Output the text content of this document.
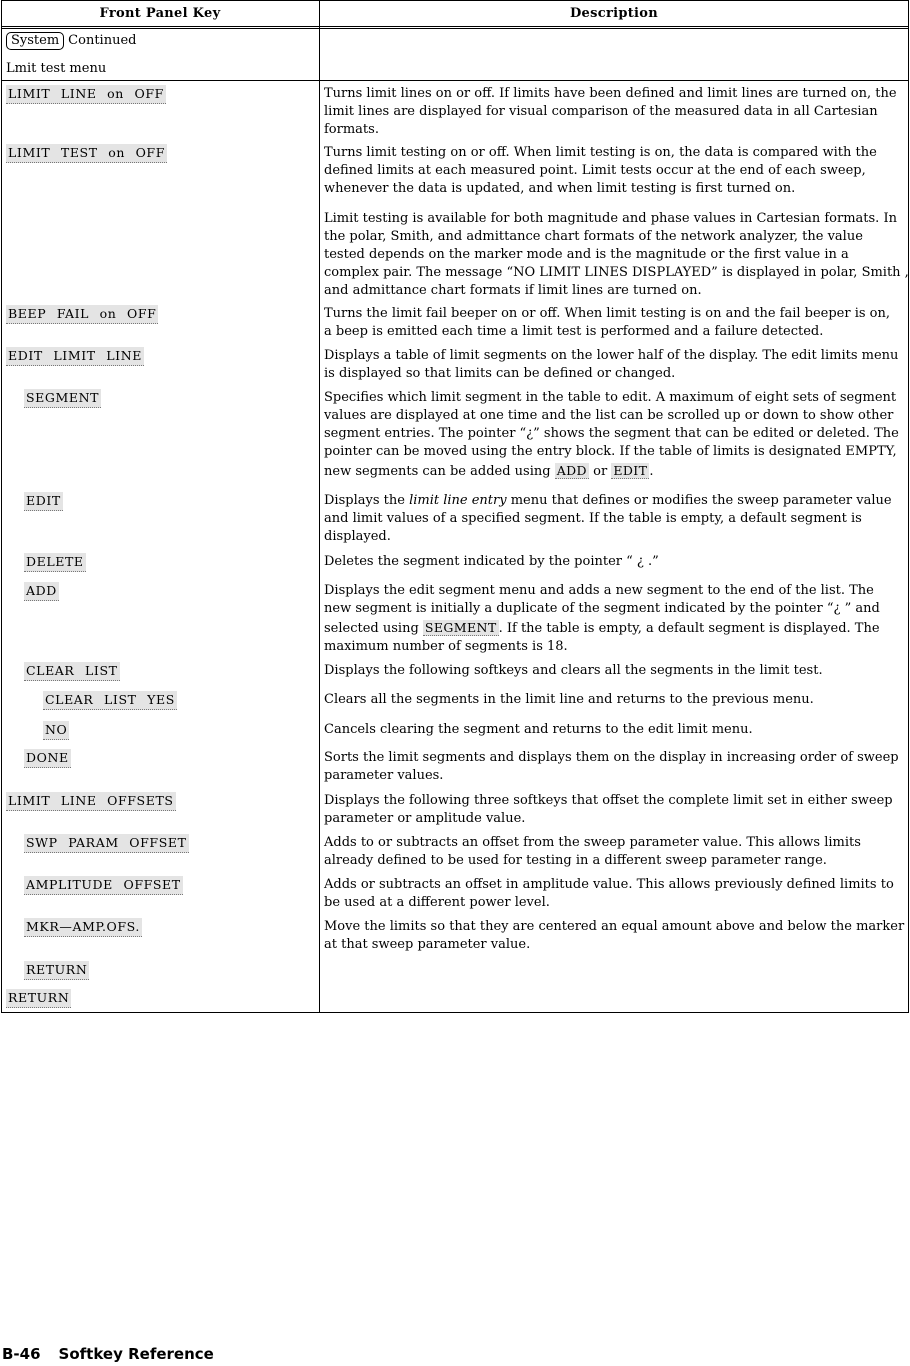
Front Panel Key	Description
System Continued
Lmit test menu
LIMIT LINE on OFF	Turns limit lines on or off. If limits have been defined and limit lines are turned on, the

limit lines are displayed for visual comparison of the measured data in all Cartesian

formats.

LIMIT TEST on OFF	Turns limit testing on or off. When limit testing is on, the data is compared with the

defined limits at each measured point. Limit tests occur at the end of each sweep,

whenever the data is updated, and when limit testing is first turned on.

Limit testing is available for both magnitude and phase values in Cartesian formats. In

the polar, Smith, and admittance chart formats of the network analyzer, the value

tested depends on the marker mode and is the magnitude or the first value in a

complex pair. The message “NO LIMIT LINES DISPLAYED” is displayed in polar, Smith ,

and admittance chart formats if limit lines are turned on.

BEEP FAIL on OFF	Turns the limit fail beeper on or off. When limit testing is on and the fail beeper is on,

a beep is emitted each time a limit test is performed and a failure detected.

EDIT LIMIT LINE	Displays a table of limit segments on the lower half of the display. The edit limits menu

is displayed so that limits can be defined or changed.

SEGMENT	Specifies which limit segment in the table to edit. A maximum of eight sets of segment

values are displayed at one time and the list can be scrolled up or down to show other

segment entries. The pointer “¿” shows the segment that can be edited or deleted. The

pointer can be moved using the entry block. If the table of limits is designated EMPTY,

new segments can be added using ADD or EDIT .

EDIT	Displays the limit line entry menu that defines or modifies the sweep parameter value

and limit values of a specified segment. If the table is empty, a default segment is

displayed.

DELETE	Deletes the segment indicated by the pointer “ ¿ .”

ADD	Displays the edit segment menu and adds a new segment to the end of the list. The

new segment is initially a duplicate of the segment indicated by the pointer “¿ ” and

selected using SEGMENT . If the table is empty, a default segment is displayed. The

maximum number of segments is 18.

CLEAR LIST	Displays the following softkeys and clears all the segments in the limit test.

CLEAR LIST YES	Clears all the segments in the limit line and returns to the previous menu.

NO	Cancels clearing the segment and returns to the edit limit menu.

DONE	Sorts the limit segments and displays them on the display in increasing order of sweep

parameter values.

LIMIT LINE OFFSETS	Displays the following three softkeys that offset the complete limit set in either sweep

parameter or amplitude value.

SWP PARAM OFFSET	Adds to or subtracts an offset from the sweep parameter value. This allows limits

already defined to be used for testing in a different sweep parameter range.

AMPLITUDE OFFSET	Adds or subtracts an offset in amplitude value. This allows previously defined limits to

be used at a different power level.

MKR—AMP.OFS.	Move the limits so that they are centered an equal amount above and below the marker

at that sweep parameter value.

RETURN
RETURN
B-46 Softkey Reference
